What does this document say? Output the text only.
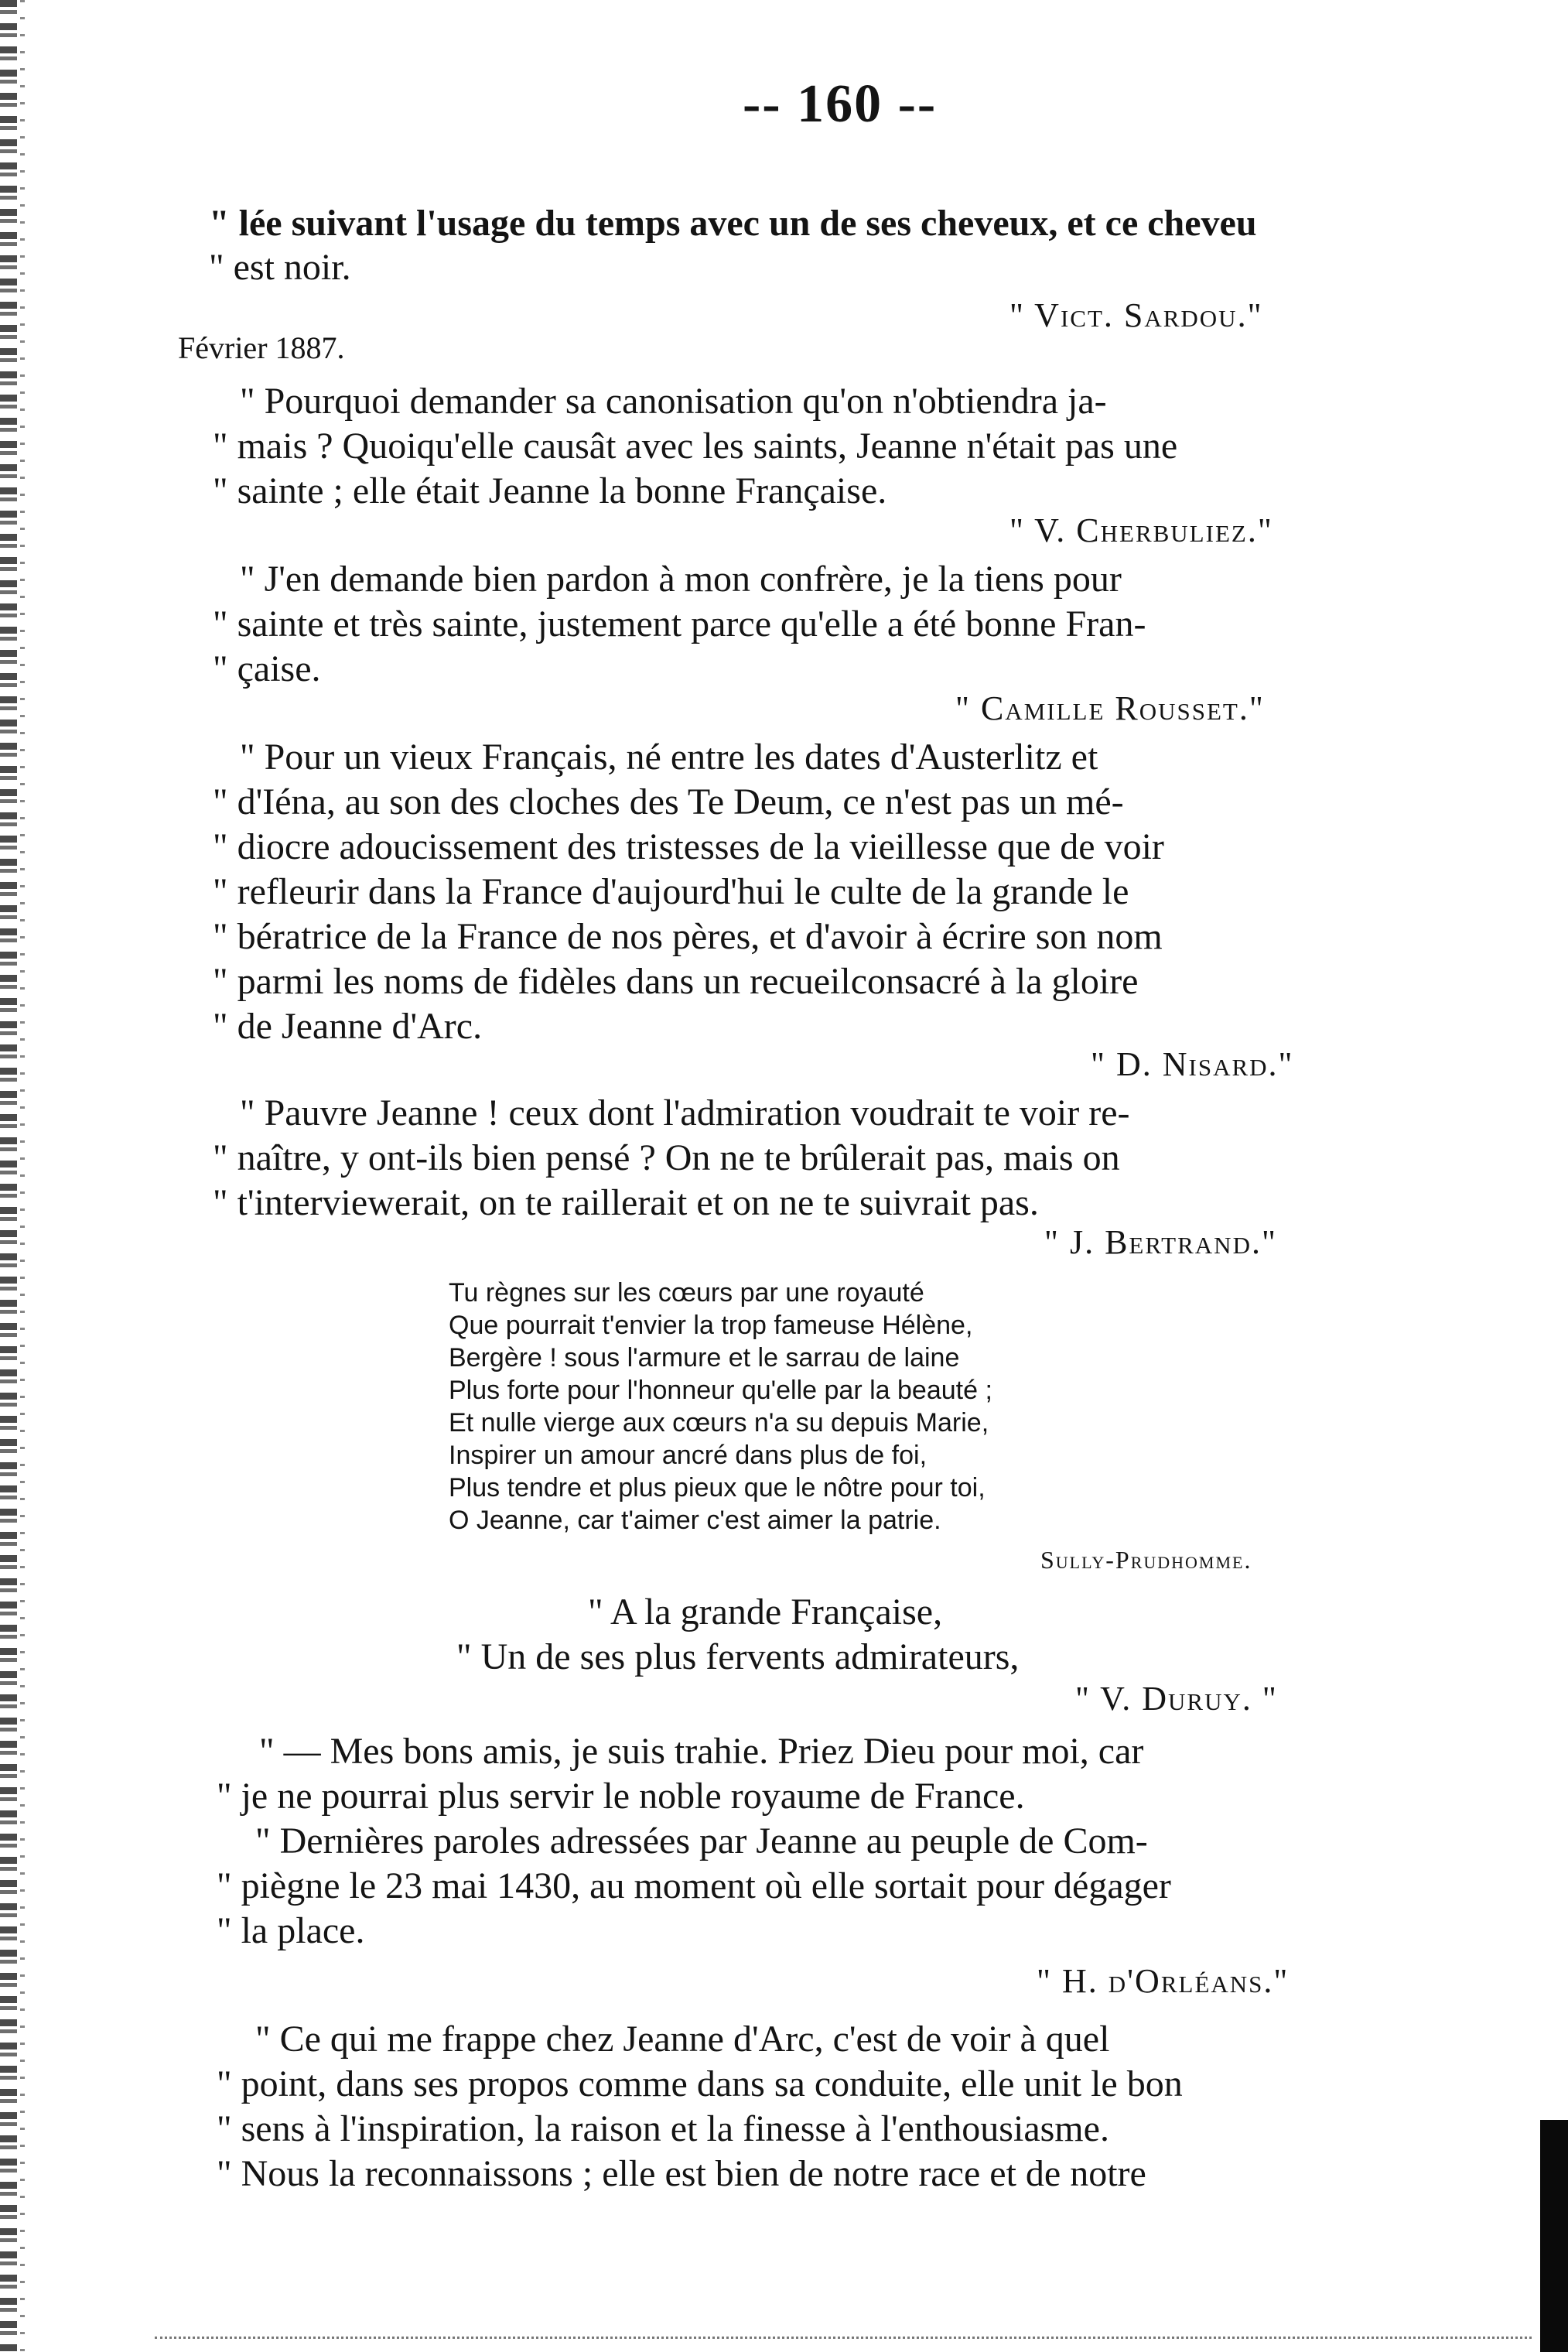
-- 160 --
" lée suivant l'usage du temps avec un de ses cheveux, et ce cheveu
" est noir.
" Vict. Sardou."
Février 1887.
" Pourquoi demander sa canonisation qu'on n'obtiendra ja-
" mais ? Quoiqu'elle causât avec les saints, Jeanne n'était pas une
" sainte ; elle était Jeanne la bonne Française.
" V. Cherbuliez."
" J'en demande bien pardon à mon confrère, je la tiens pour
" sainte et très sainte, justement parce qu'elle a été bonne Fran-
" çaise.
" Camille Rousset."
" Pour un vieux Français, né entre les dates d'Austerlitz et
" d'Iéna, au son des cloches des Te Deum, ce n'est pas un mé-
" diocre adoucissement des tristesses de la vieillesse que de voir
" refleurir dans la France d'aujourd'hui le culte de la grande le
" bératrice de la France de nos pères, et d'avoir à écrire son nom
" parmi les noms de fidèles dans un recueilconsacré à la gloire
" de Jeanne d'Arc.
" D. Nisard."
" Pauvre Jeanne ! ceux dont l'admiration voudrait te voir re-
" naître, y ont-ils bien pensé ? On ne te brûlerait pas, mais on
" t'interviewerait, on te raillerait et on ne te suivrait pas.
" J. Bertrand."
Tu règnes sur les cœurs par une royauté
Que pourrait t'envier la trop fameuse Hélène,
Bergère ! sous l'armure et le sarrau de laine
Plus forte pour l'honneur qu'elle par la beauté ;
Et nulle vierge aux cœurs n'a su depuis Marie,
Inspirer un amour ancré dans plus de foi,
Plus tendre et plus pieux que le nôtre pour toi,
O Jeanne, car t'aimer c'est aimer la patrie.
Sully-Prudhomme.
" A la grande Française,
" Un de ses plus fervents admirateurs,
" V. Duruy. "
" — Mes bons amis, je suis trahie. Priez Dieu pour moi, car
" je ne pourrai plus servir le noble royaume de France.
" Dernières paroles adressées par Jeanne au peuple de Com-
" piègne le 23 mai 1430, au moment où elle sortait pour dégager
" la place.
" H. d'Orléans."
" Ce qui me frappe chez Jeanne d'Arc, c'est de voir à quel
" point, dans ses propos comme dans sa conduite, elle unit le bon
" sens à l'inspiration, la raison et la finesse à l'enthousiasme.
" Nous la reconnaissons ; elle est bien de notre race et de notre
